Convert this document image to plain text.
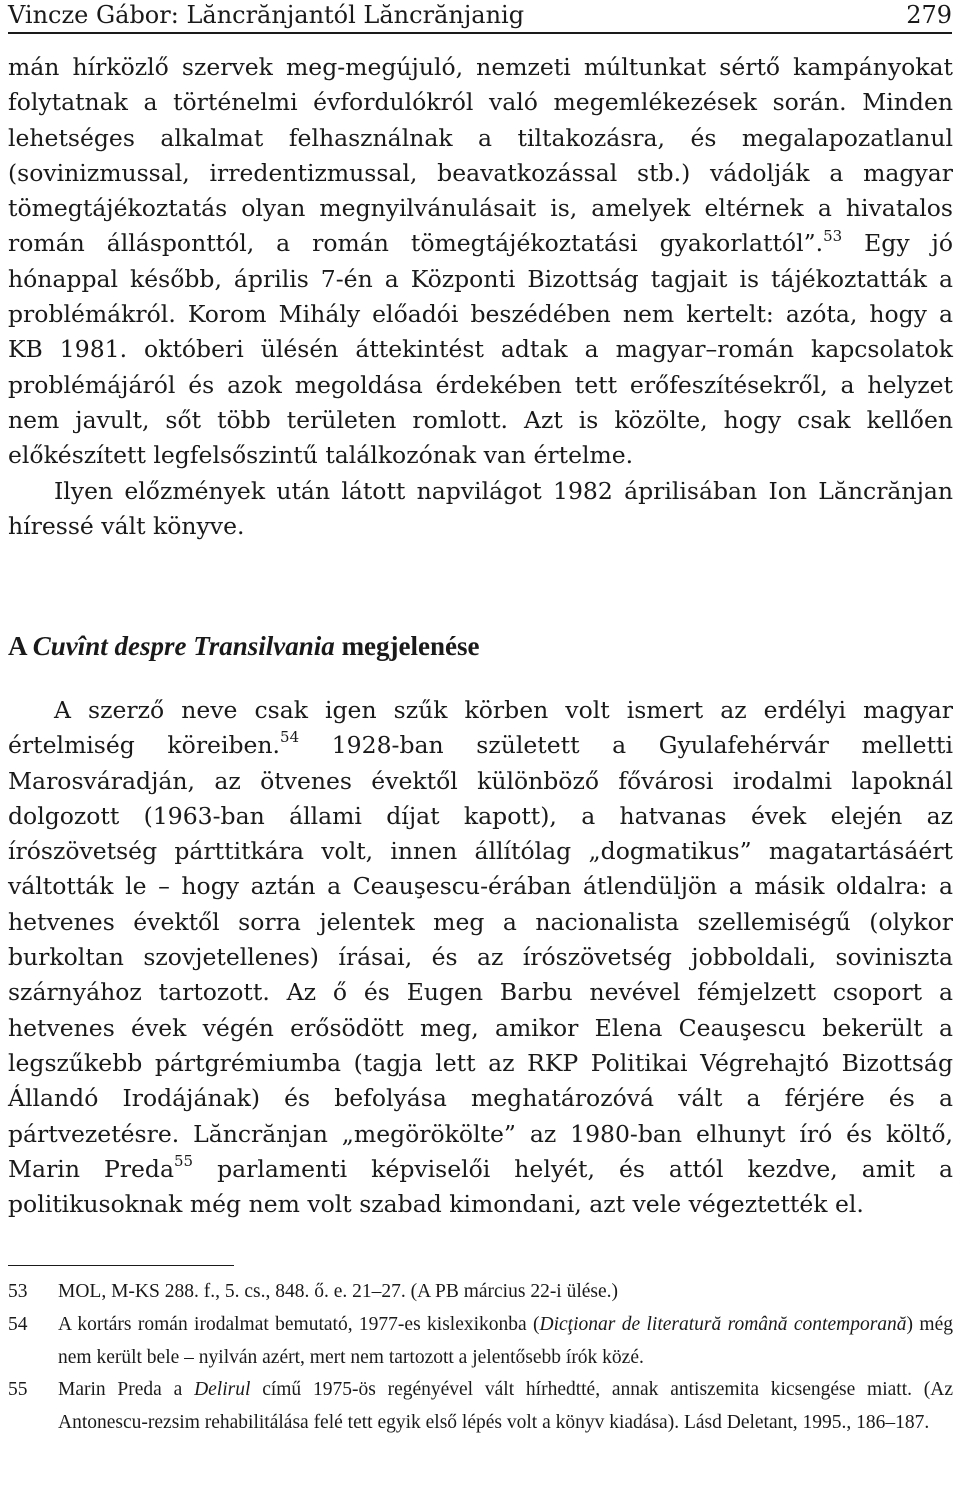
Vincze Gábor: Lăncrănjantól Lăncrănjanig	279

mán hírközlő szervek meg-megújuló, nemzeti múltunkat sértő kampányokat folytatnak a történelmi évfordulókról való megemlékezések során. Minden lehetséges alkalmat felhasználnak a tiltakozásra, és megalapozatlanul (sovinizmussal, irredentizmussal, beavatkozással stb.) vádolják a magyar tömegtájékoztatás olyan megnyilvánulásait is, amelyek eltérnek a hivatalos román állásponttól, a román tömegtájékoztatási gyakorlattól”.$^{53}$ Egy jó hónappal később, április 7-én a Központi Bizottság tagjait is tájékoztatták a problémákról. Korom Mihály előadói beszédében nem kertelt: azóta, hogy a KB 1981. októberi ülésén áttekintést adtak a magyar–román kapcsolatok problémájáról és azok megoldása érdekében tett erőfeszítésekről, a helyzet nem javult, sőt több területen romlott. Azt is közölte, hogy csak kellően előkészített legfelsőszintű találkozónak van értelme.

Ilyen előzmények után látott napvilágot 1982 áprilisában Ion Lăncrănjan híressé vált könyve.

A Cuvînt despre Transilvania megjelenése

A szerző neve csak igen szűk körben volt ismert az erdélyi magyar értelmiség köreiben.$^{54}$ 1928-ban született a Gyulafehérvár melletti Marosváradján, az ötvenes évektől különböző fővárosi irodalmi lapoknál dolgozott (1963-ban állami díjat kapott), a hatvanas évek elején az írószövetség párttitkára volt, innen állítólag „dogmatikus” magatartásáért váltották le – hogy aztán a Ceauşescu-érában átlendüljön a másik oldalra: a hetvenes évektől sorra jelentek meg a nacionalista szellemiségű (olykor burkoltan szovjetellenes) írásai, és az írószövetség jobboldali, soviniszta szárnyához tartozott. Az ő és Eugen Barbu nevével fémjelzett csoport a hetvenes évek végén erősödött meg, amikor Elena Ceauşescu bekerült a legszűkebb pártgrémiumba (tagja lett az RKP Politikai Végrehajtó Bizottság Állandó Irodájának) és befolyása meghatározóvá vált a férjére és a pártvezetésre. Lăncrănjan „megörökölte” az 1980-ban elhunyt író és költő, Marin Preda$^{55}$ parlamenti képviselői helyét, és attól kezdve, amit a politikusoknak még nem volt szabad kimondani, azt vele végeztették el.

53	MOL, M-KS 288. f., 5. cs., 848. ő. e. 21–27. (A PB március 22-i ülése.)
54	A kortárs román irodalmat bemutató, 1977-es kislexikonba (Dicţionar de literatură română contemporană) még nem került bele – nyilván azért, mert nem tartozott a jelentősebb írók közé.
55	Marin Preda a Delirul című 1975-ös regényével vált hírhedtté, annak antiszemita kicsengése miatt. (Az Antonescu-rezsim rehabilitálása felé tett egyik első lépés volt a könyv kiadása). Lásd Deletant, 1995., 186–187.
